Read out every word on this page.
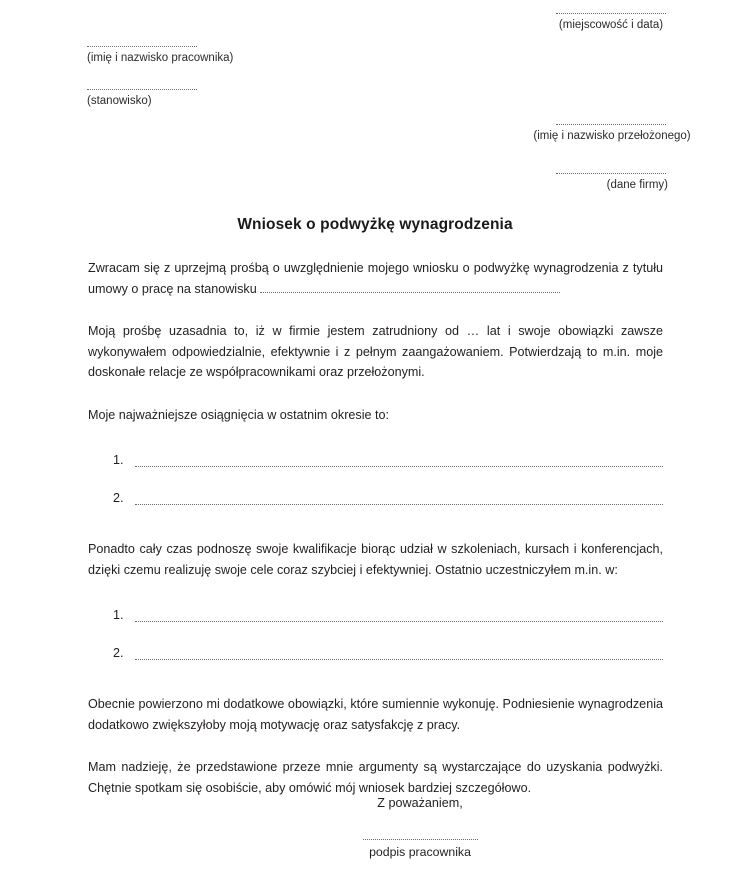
(miejscowość i data)
(imię i nazwisko pracownika)
(stanowisko)
(imię i nazwisko przełożonego)
(dane firmy)
Wniosek o podwyżkę wynagrodzenia

Zwracam się z uprzejmą prośbą o uwzględnienie mojego wniosku o podwyżkę wynagrodzenia z tytułu umowy o pracę na stanowisku

Moją prośbę uzasadnia to, iż w firmie jestem zatrudniony od … lat i swoje obowiązki zawsze wykonywałem odpowiedzialnie, efektywnie i z pełnym zaangażowaniem. Potwierdzają to m.in. moje doskonałe relacje ze współpracownikami oraz przełożonymi.

Moje najważniejsze osiągnięcia w ostatnim okresie to:

1.
2.

Ponadto cały czas podnoszę swoje kwalifikacje biorąc udział w szkoleniach, kursach i konferencjach, dzięki czemu realizuję swoje cele coraz szybciej i efektywniej. Ostatnio uczestniczyłem m.in. w:

1.
2.

Obecnie powierzono mi dodatkowe obowiązki, które sumiennie wykonuję. Podniesienie wynagrodzenia dodatkowo zwiększyłoby moją motywację oraz satysfakcję z pracy.

Mam nadzieję, że przedstawione przeze mnie argumenty są wystarczające do uzyskania podwyżki. Chętnie spotkam się osobiście, aby omówić mój wniosek bardziej szczegółowo.

Z poważaniem,
podpis pracownika
